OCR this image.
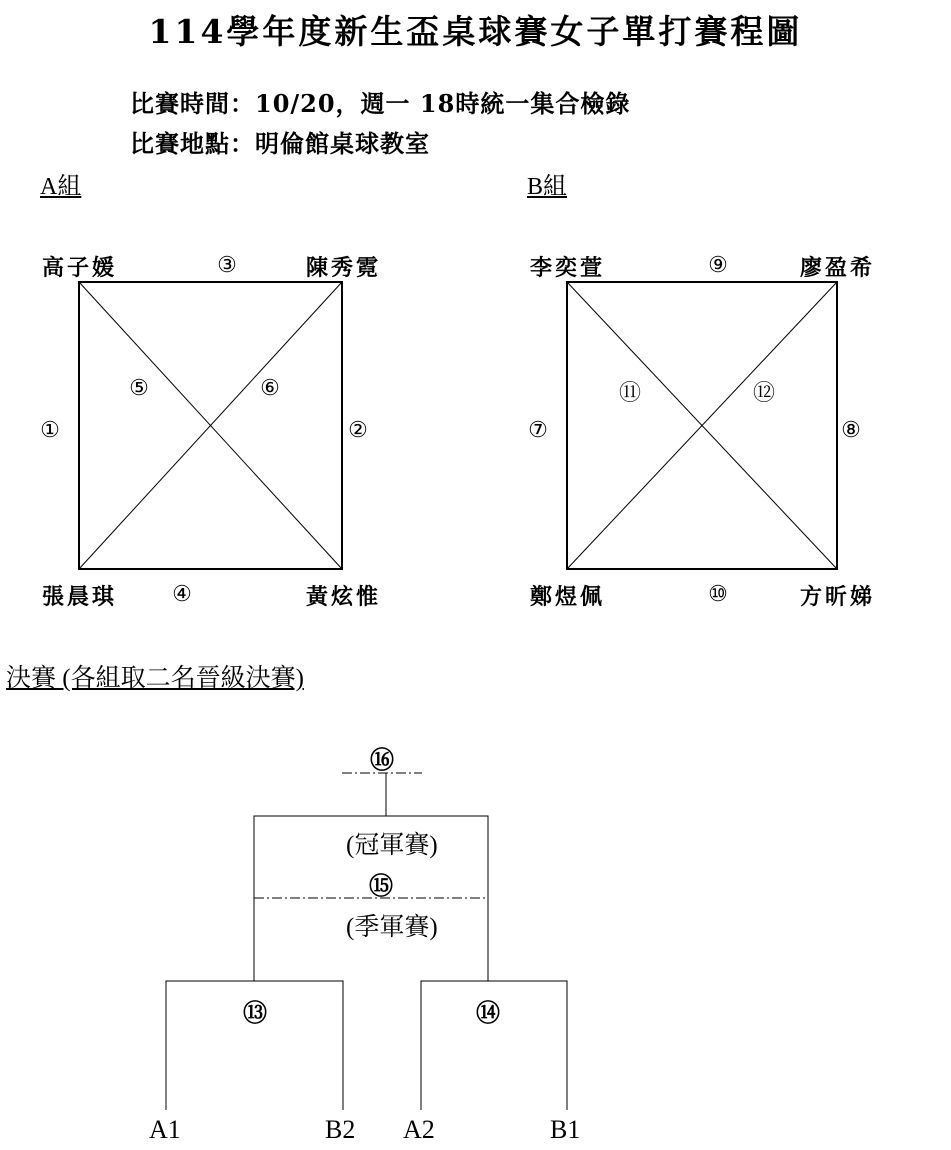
114學年度新生盃桌球賽女子單打賽程圖
比賽時間：10/20，週一 18時統一集合檢錄
比賽地點：明倫館桌球教室
A組	B組
高子媛	陳秀霓
張晨琪	黃炫惟
③
④
①	②
⑤	⑥
李奕萱	廖盈希
鄭煜佩	方昕娣
⑨
⑩
⑦	⑧
⑪	⑫
決賽 (各組取二名晉級決賽)
⑯
(冠軍賽)
⑮
(季軍賽)
⑬	⑭
A1	B2 A2	B1
